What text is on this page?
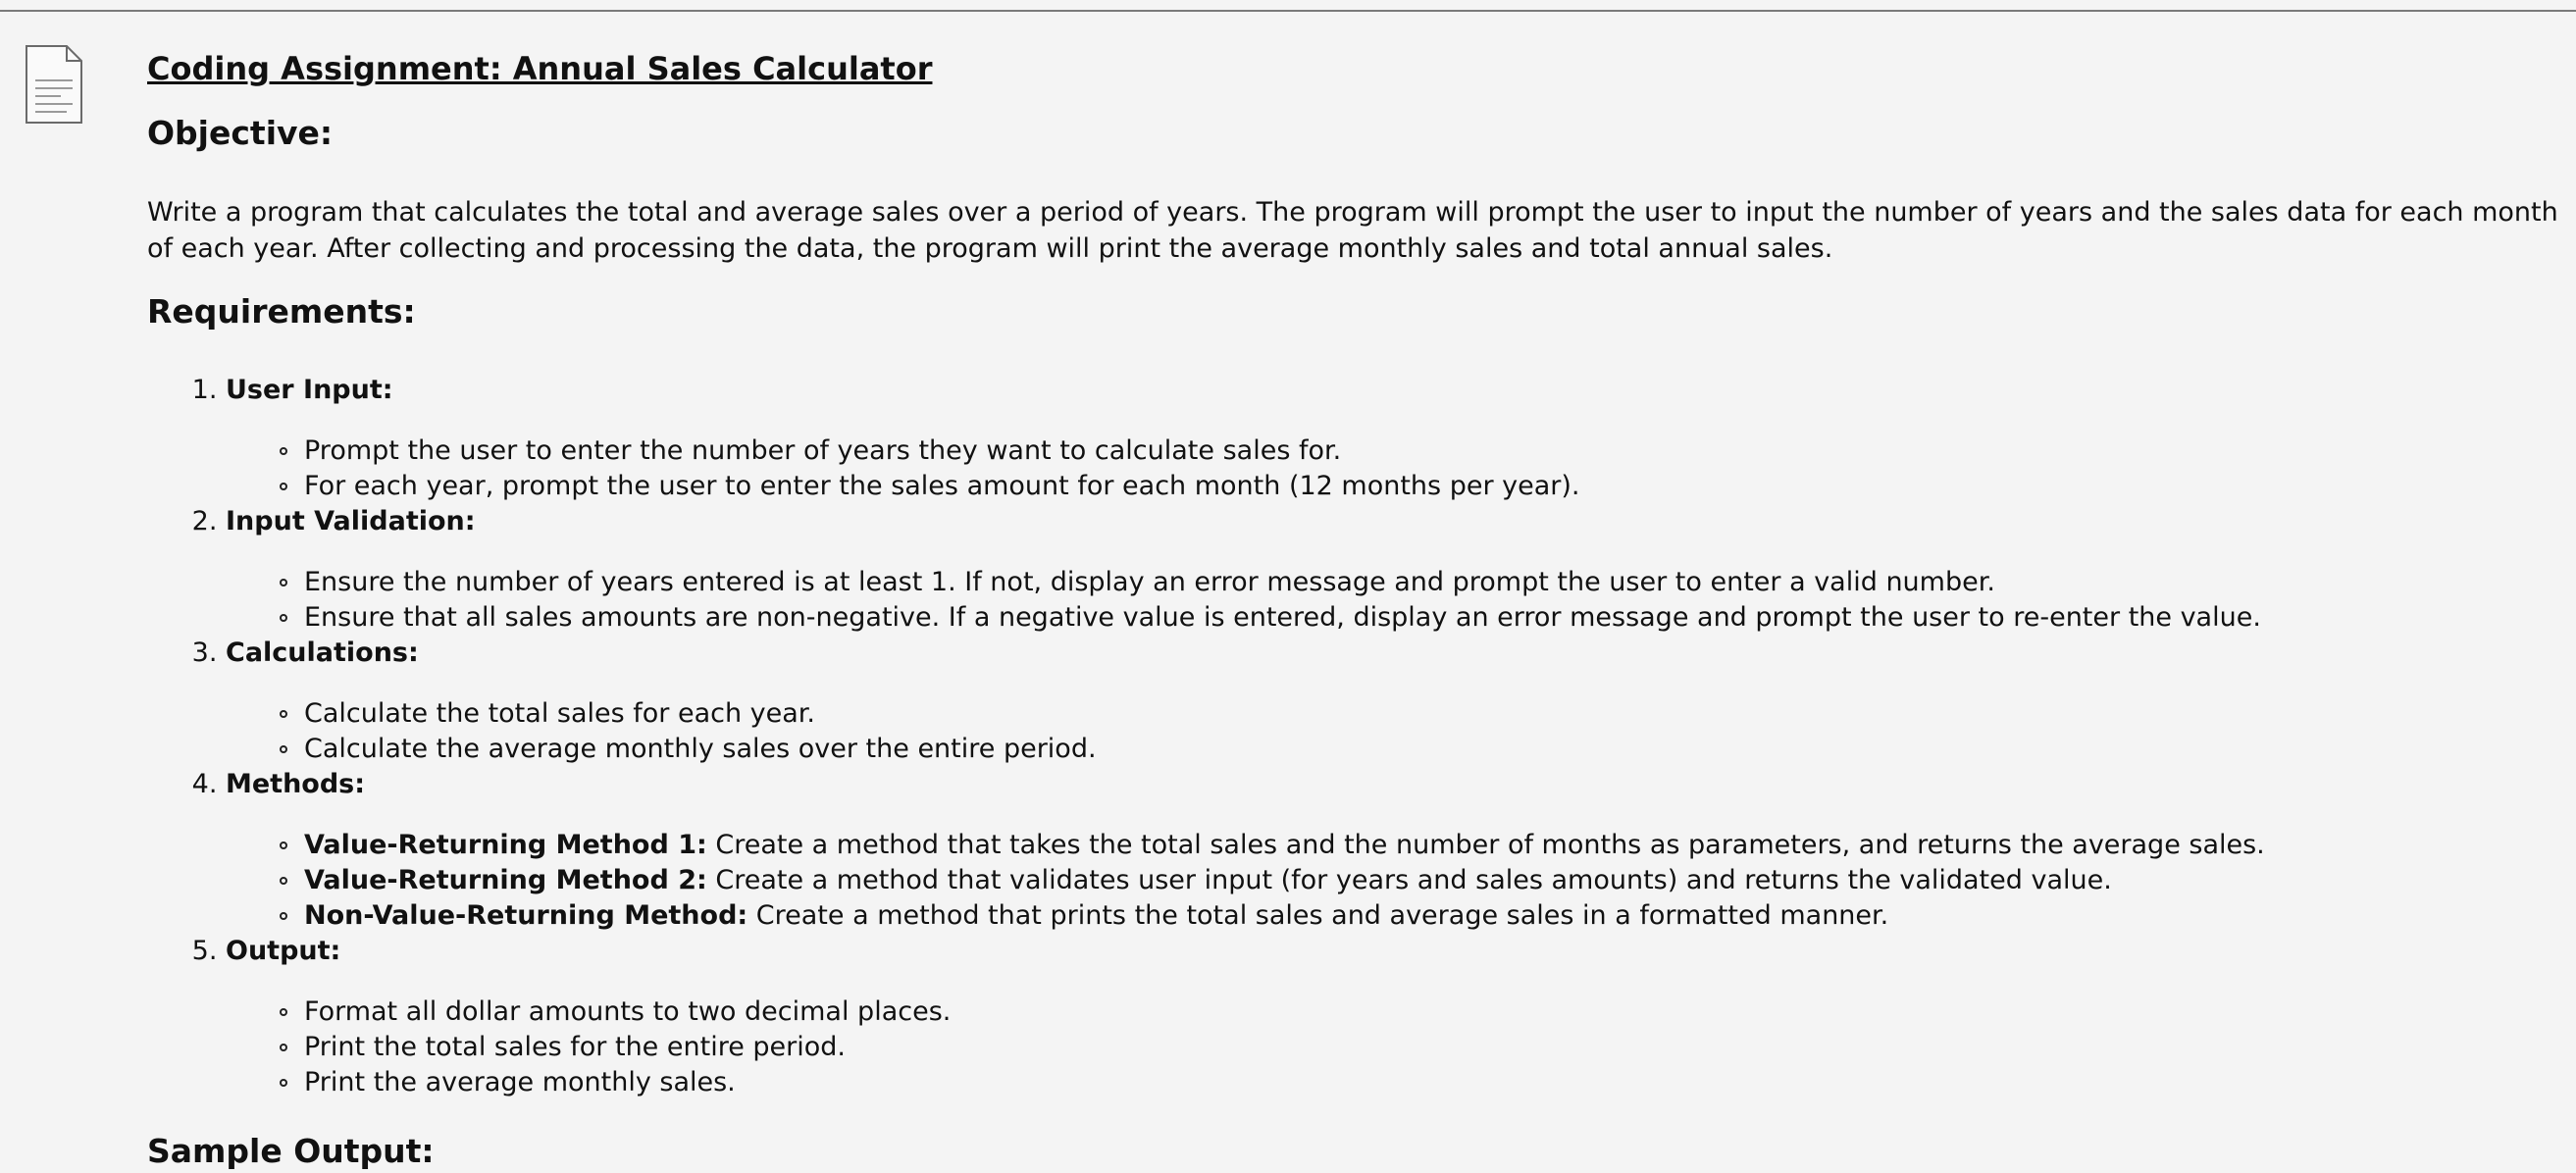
Coding Assignment: Annual Sales Calculator
Objective:

Write a program that calculates the total and average sales over a period of years. The program will prompt the user to input the number of years and the sales data for each month of each year. After collecting and processing the data, the program will print the average monthly sales and total annual sales.

Requirements:
1. User Input:
Prompt the user to enter the number of years they want to calculate sales for.
For each year, prompt the user to enter the sales amount for each month (12 months per year).
2. Input Validation:
Ensure the number of years entered is at least 1. If not, display an error message and prompt the user to enter a valid number.
Ensure that all sales amounts are non-negative. If a negative value is entered, display an error message and prompt the user to re-enter the value.
3. Calculations:
Calculate the total sales for each year.
Calculate the average monthly sales over the entire period.
4. Methods:
Value-Returning Method 1: Create a method that takes the total sales and the number of months as parameters, and returns the average sales.
Value-Returning Method 2: Create a method that validates user input (for years and sales amounts) and returns the validated value.
Non-Value-Returning Method: Create a method that prints the total sales and average sales in a formatted manner.
5. Output:
Format all dollar amounts to two decimal places.
Print the total sales for the entire period.
Print the average monthly sales.
Sample Output:
